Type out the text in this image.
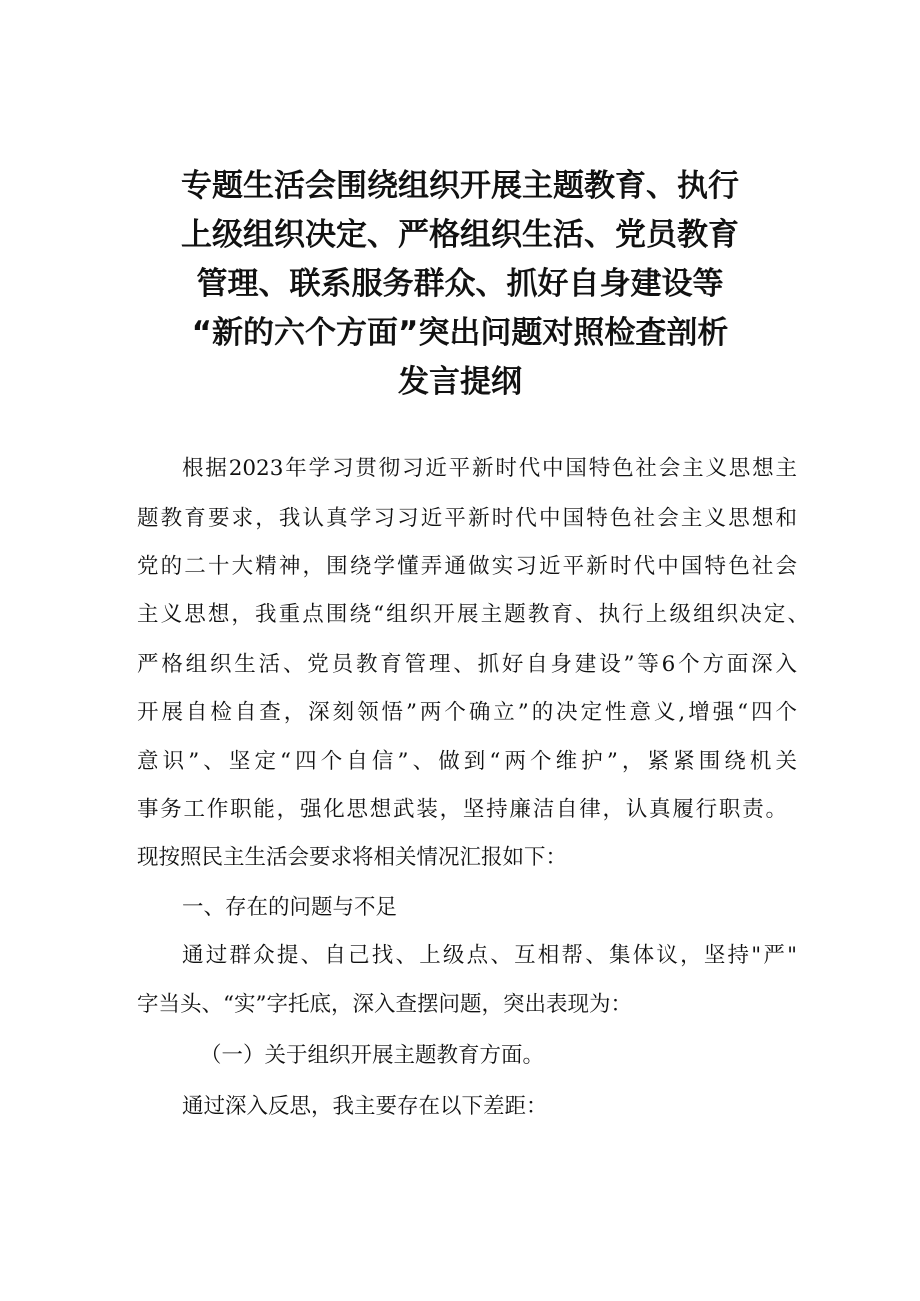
专题生活会围绕组织开展主题教育、执行
上级组织决定、严格组织生活、党员教育
管理、联系服务群众、抓好自身建设等
“新的六个方面”突出问题对照检查剖析
发言提纲
根据2023年学习贯彻习近平新时代中国特色社会主义思想主
题教育要求，我认真学习习近平新时代中国特色社会主义思想和
党的二十大精神，围绕学懂弄通做实习近平新时代中国特色社会
主义思想，我重点围绕“组织开展主题教育、执行上级组织决定、
严格组织生活、党员教育管理、抓好自身建设”等6个方面深入
开展自检自查，深刻领悟”两个确立”的决定性意义,增强“四个
意识”、坚定“四个自信”、做到“两个维护”，紧紧围绕机关
事务工作职能，强化思想武装，坚持廉洁自律，认真履行职责。
现按照民主生活会要求将相关情况汇报如下：
一、存在的问题与不足
通过群众提、自己找、上级点、互相帮、集体议，坚持"严"
字当头、“实”字托底，深入查摆问题，突出表现为：
（一）关于组织开展主题教育方面。
通过深入反思，我主要存在以下差距：
